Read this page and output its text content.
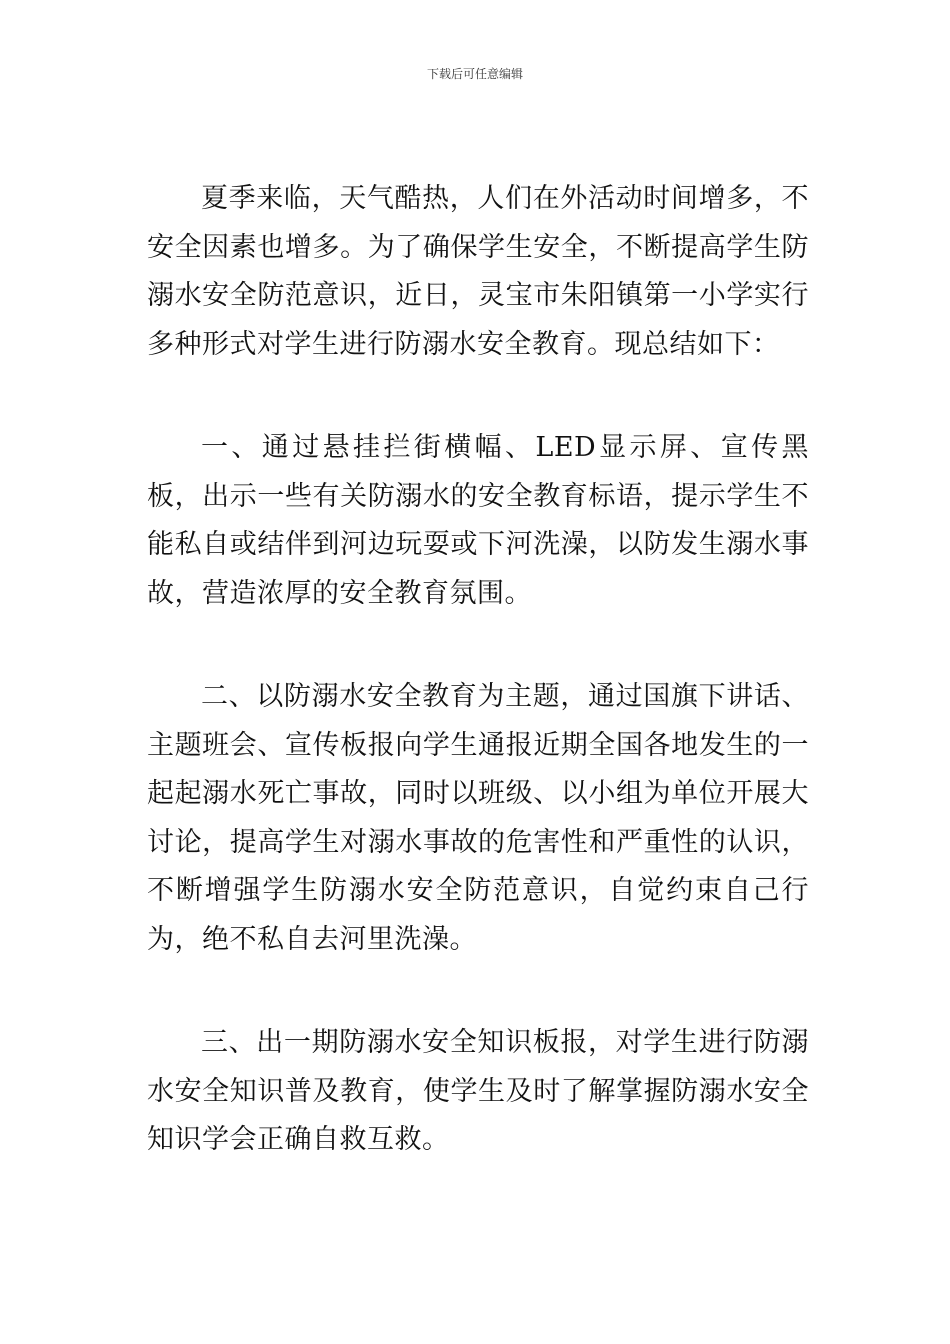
下载后可任意编辑

夏季来临，天气酷热，人们在外活动时间增多，不安全因素也增多。为了确保学生安全，不断提高学生防溺水安全防范意识，近日，灵宝市朱阳镇第一小学实行多种形式对学生进行防溺水安全教育。现总结如下：

一、通过悬挂拦街横幅、LED显示屏、宣传黑板，出示一些有关防溺水的安全教育标语，提示学生不能私自或结伴到河边玩耍或下河洗澡，以防发生溺水事故，营造浓厚的安全教育氛围。

二、以防溺水安全教育为主题，通过国旗下讲话、主题班会、宣传板报向学生通报近期全国各地发生的一起起溺水死亡事故，同时以班级、以小组为单位开展大讨论，提高学生对溺水事故的危害性和严重性的认识，不断增强学生防溺水安全防范意识，自觉约束自己行为，绝不私自去河里洗澡。

三、出一期防溺水安全知识板报，对学生进行防溺水安全知识普及教育，使学生及时了解掌握防溺水安全知识学会正确自救互救。
